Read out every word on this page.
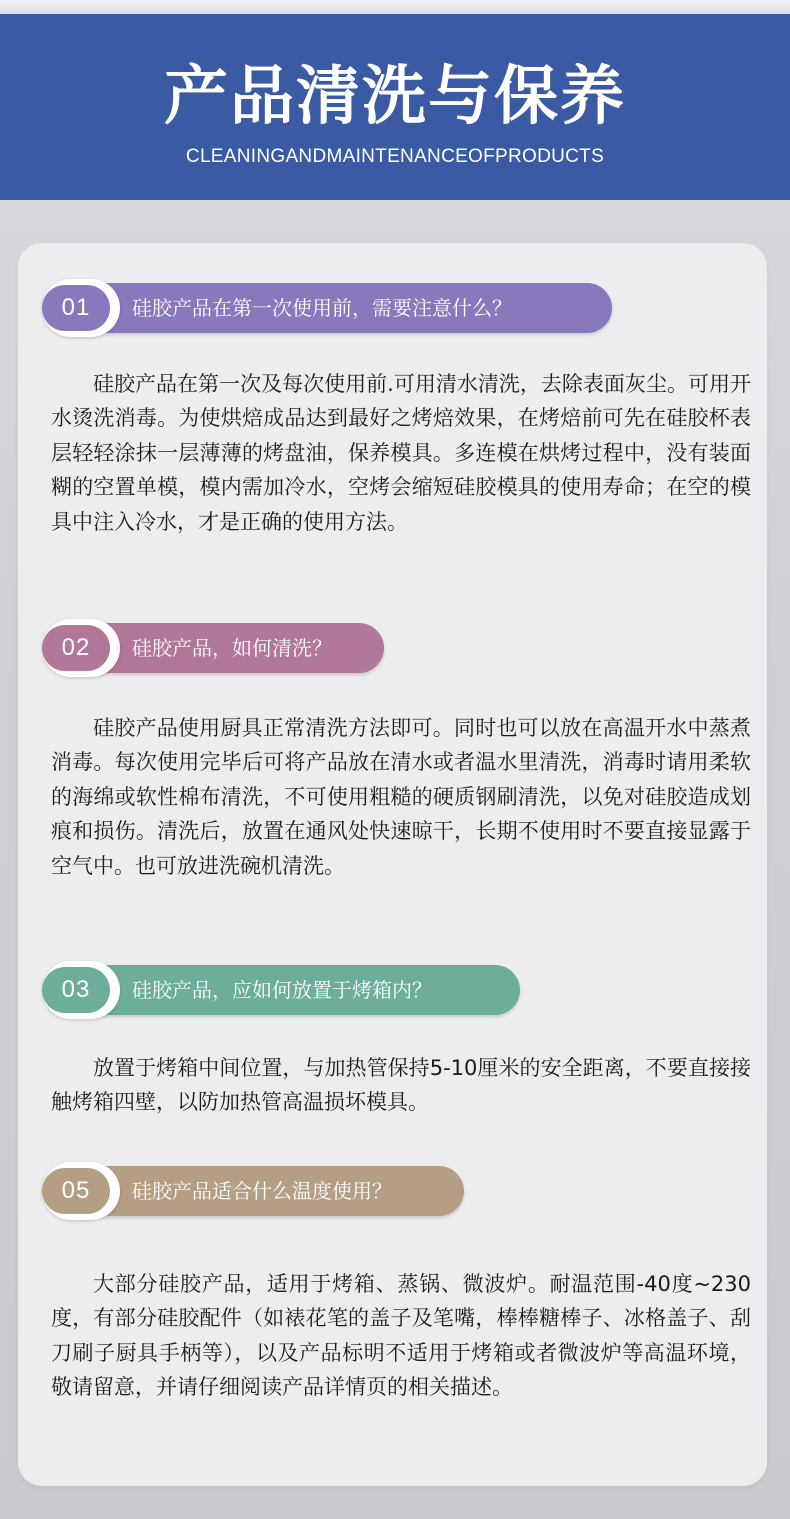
产品清洗与保养
CLEANINGANDMAINTENANCEOFPRODUCTS
01	硅胶产品在第一次使用前，需要注意什么？
硅胶产品在第一次及每次使用前.可用清水清洗，去除表面灰尘。可用开水烫洗消毒。为使烘焙成品达到最好之烤焙效果，在烤焙前可先在硅胶杯表层轻轻涂抹一层薄薄的烤盘油，保养模具。多连模在烘烤过程中，没有装面糊的空置单模，模内需加冷水，空烤会缩短硅胶模具的使用寿命；在空的模具中注入冷水，才是正确的使用方法。
02	硅胶产品，如何清洗？
硅胶产品使用厨具正常清洗方法即可。同时也可以放在高温开水中蒸煮消毒。每次使用完毕后可将产品放在清水或者温水里清洗，消毒时请用柔软的海绵或软性棉布清洗，不可使用粗糙的硬质钢刷清洗，以免对硅胶造成划痕和损伤。清洗后，放置在通风处快速晾干，长期不使用时不要直接显露于空气中。也可放进洗碗机清洗。
03	硅胶产品，应如何放置于烤箱内？
放置于烤箱中间位置，与加热管保持5-10厘米的安全距离，不要直接接触烤箱四壁，以防加热管高温损坏模具。
05	硅胶产品适合什么温度使用？
大部分硅胶产品，适用于烤箱、蒸锅、微波炉。耐温范围-40度~230度，有部分硅胶配件（如裱花笔的盖子及笔嘴，棒棒糖棒子、冰格盖子、刮刀刷子厨具手柄等），以及产品标明不适用于烤箱或者微波炉等高温环境，敬请留意，并请仔细阅读产品详情页的相关描述。
